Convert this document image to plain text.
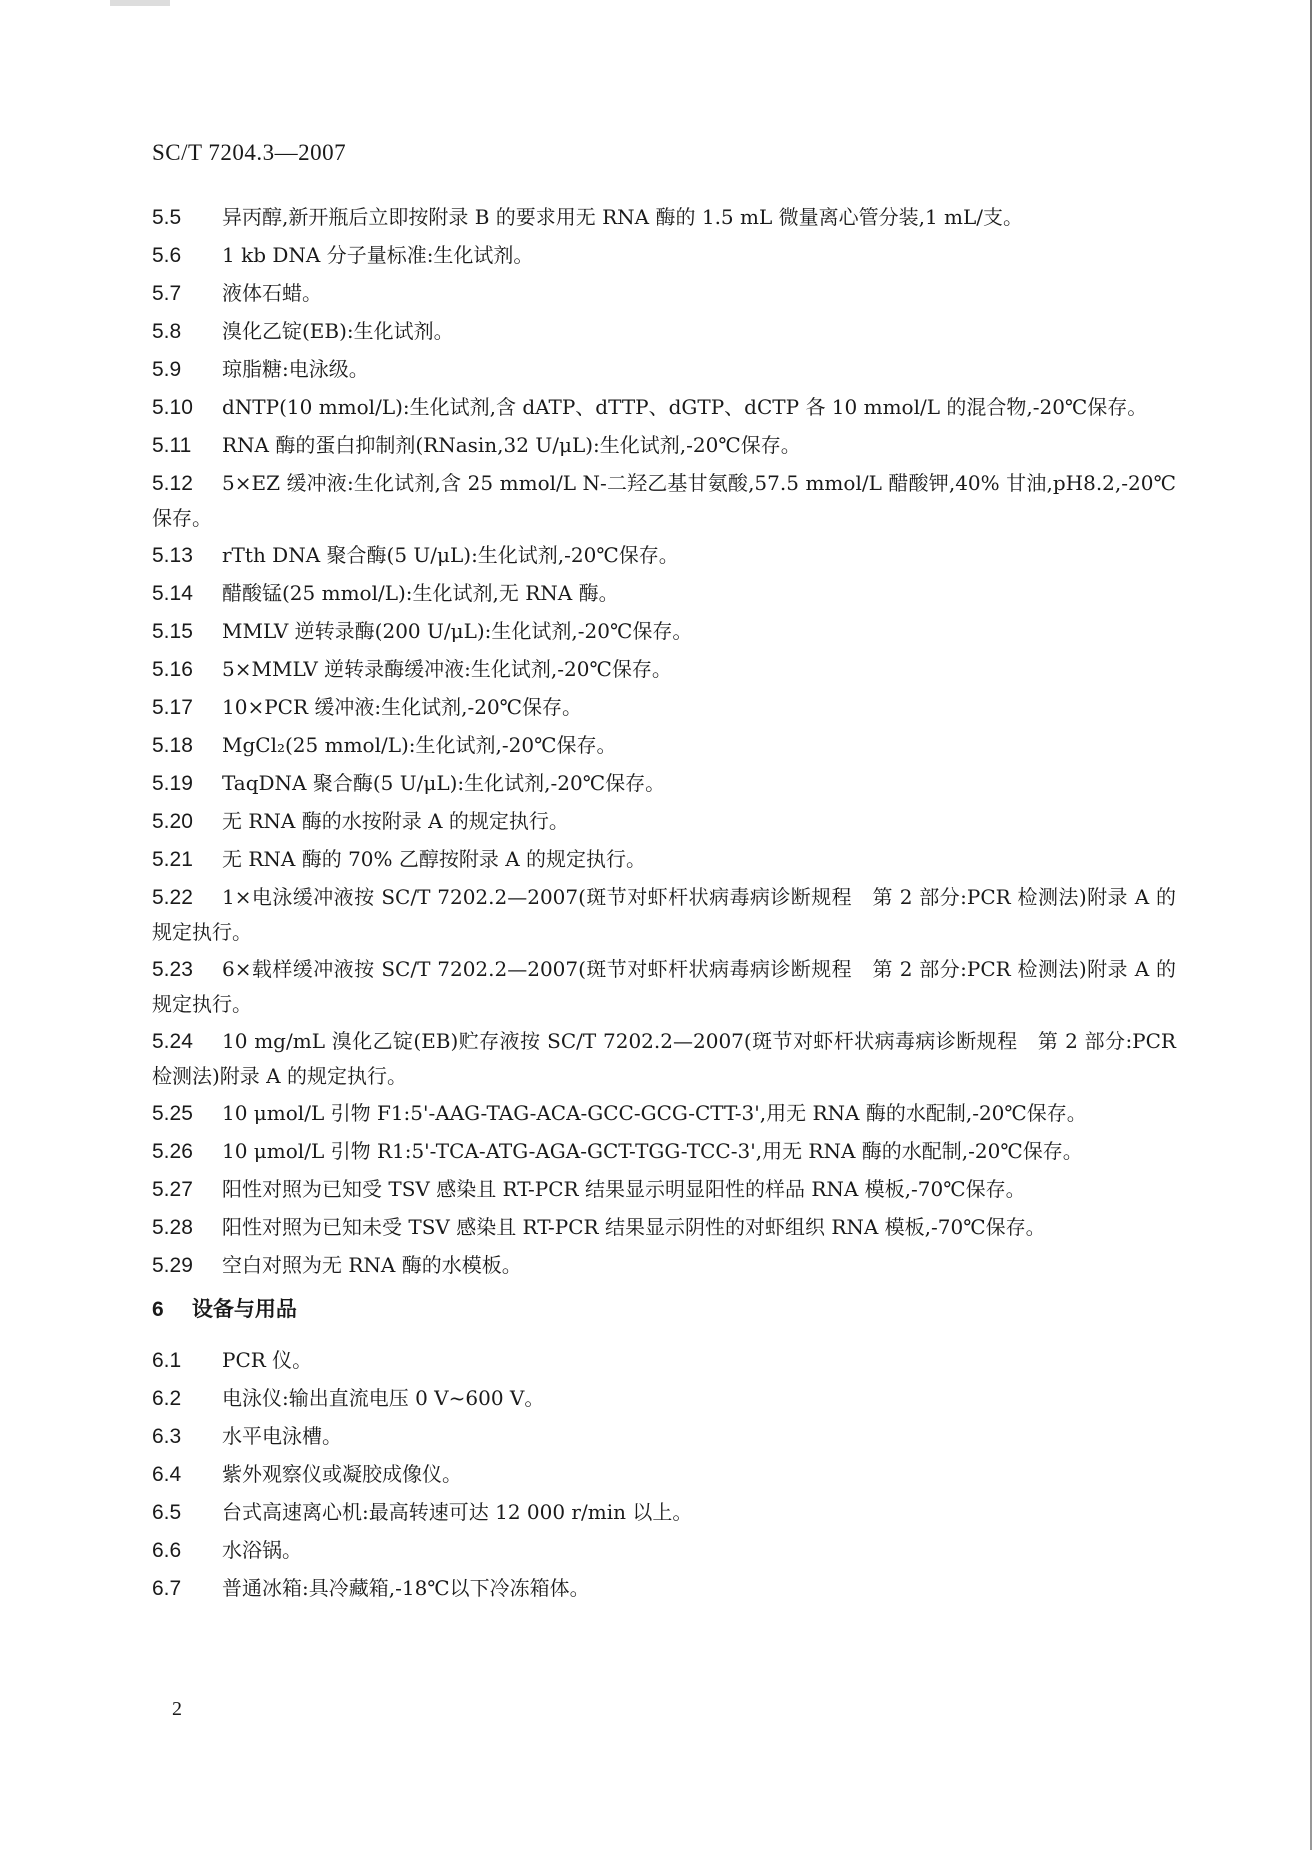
SC/T 7204.3—2007
5.5 异丙醇,新开瓶后立即按附录 B 的要求用无 RNA 酶的 1.5 mL 微量离心管分装,1 mL/支。
5.6 1 kb DNA 分子量标准:生化试剂。
5.7 液体石蜡。
5.8 溴化乙锭(EB):生化试剂。
5.9 琼脂糖:电泳级。
5.10 dNTP(10 mmol/L):生化试剂,含 dATP、dTTP、dGTP、dCTP 各 10 mmol/L 的混合物,-20℃保存。
5.11 RNA 酶的蛋白抑制剂(RNasin,32 U/μL):生化试剂,-20℃保存。
5.12 5×EZ 缓冲液:生化试剂,含 25 mmol/L N-二羟乙基甘氨酸,57.5 mmol/L 醋酸钾,40% 甘油,pH8.2,-20℃保存。
5.13 rTth DNA 聚合酶(5 U/μL):生化试剂,-20℃保存。
5.14 醋酸锰(25 mmol/L):生化试剂,无 RNA 酶。
5.15 MMLV 逆转录酶(200 U/μL):生化试剂,-20℃保存。
5.16 5×MMLV 逆转录酶缓冲液:生化试剂,-20℃保存。
5.17 10×PCR 缓冲液:生化试剂,-20℃保存。
5.18 MgCl₂(25 mmol/L):生化试剂,-20℃保存。
5.19 TaqDNA 聚合酶(5 U/μL):生化试剂,-20℃保存。
5.20 无 RNA 酶的水按附录 A 的规定执行。
5.21 无 RNA 酶的 70% 乙醇按附录 A 的规定执行。
5.22 1×电泳缓冲液按 SC/T 7202.2—2007(斑节对虾杆状病毒病诊断规程　第 2 部分:PCR 检测法)附录 A 的规定执行。
5.23 6×载样缓冲液按 SC/T 7202.2—2007(斑节对虾杆状病毒病诊断规程　第 2 部分:PCR 检测法)附录 A 的规定执行。
5.24 10 mg/mL 溴化乙锭(EB)贮存液按 SC/T 7202.2—2007(斑节对虾杆状病毒病诊断规程　第 2 部分:PCR 检测法)附录 A 的规定执行。
5.25 10 μmol/L 引物 F1:5'-AAG-TAG-ACA-GCC-GCG-CTT-3',用无 RNA 酶的水配制,-20℃保存。
5.26 10 μmol/L 引物 R1:5'-TCA-ATG-AGA-GCT-TGG-TCC-3',用无 RNA 酶的水配制,-20℃保存。
5.27 阳性对照为已知受 TSV 感染且 RT-PCR 结果显示明显阳性的样品 RNA 模板,-70℃保存。
5.28 阳性对照为已知未受 TSV 感染且 RT-PCR 结果显示阴性的对虾组织 RNA 模板,-70℃保存。
5.29 空白对照为无 RNA 酶的水模板。
6 设备与用品
6.1 PCR 仪。
6.2 电泳仪:输出直流电压 0 V~600 V。
6.3 水平电泳槽。
6.4 紫外观察仪或凝胶成像仪。
6.5 台式高速离心机:最高转速可达 12 000 r/min 以上。
6.6 水浴锅。
6.7 普通冰箱:具冷藏箱,-18℃以下冷冻箱体。
2
